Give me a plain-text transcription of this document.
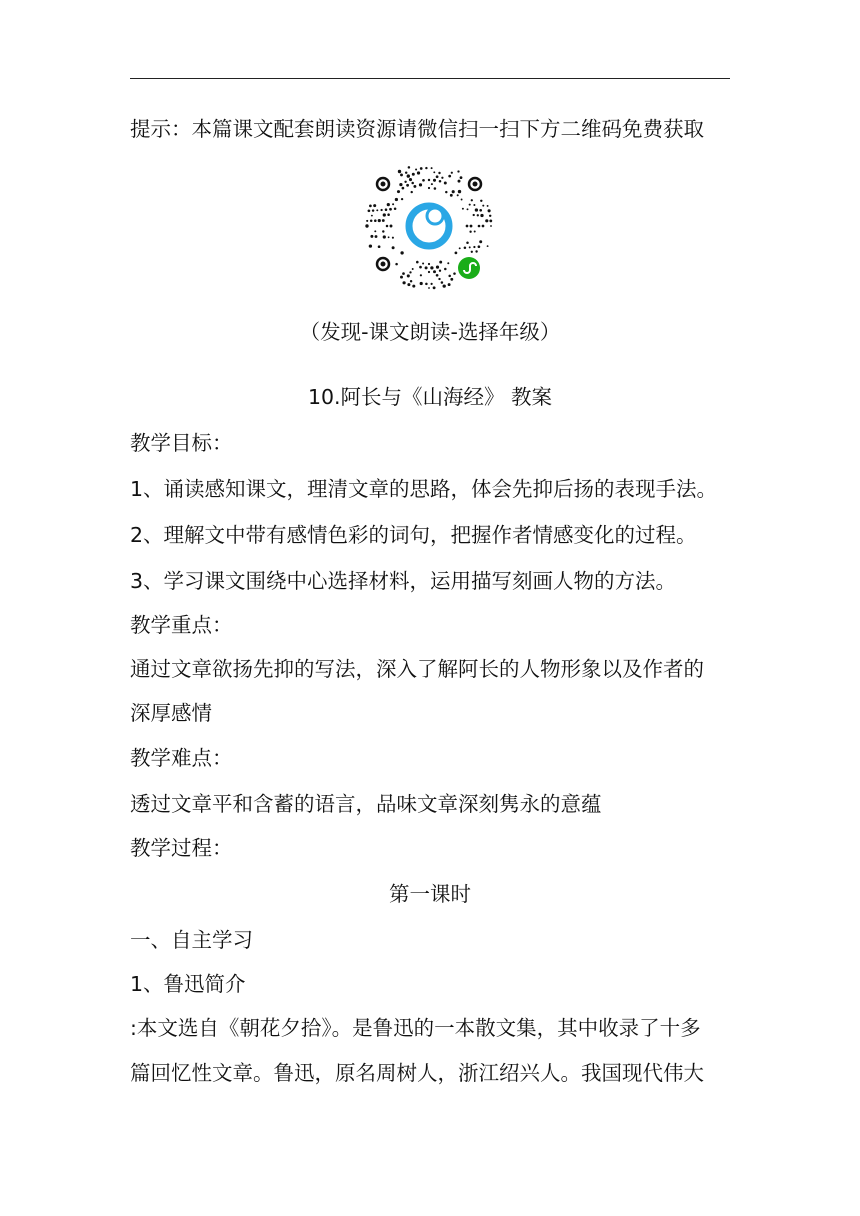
提示：本篇课文配套朗读资源请微信扫一扫下方二维码免费获取
（发现-课文朗读-选择年级）
10.阿长与《山海经》 教案
教学目标：
1、诵读感知课文，理清文章的思路，体会先抑后扬的表现手法。
2、理解文中带有感情色彩的词句，把握作者情感变化的过程。
3、学习课文围绕中心选择材料，运用描写刻画人物的方法。
教学重点：
通过文章欲扬先抑的写法，深入了解阿长的人物形象以及作者的
深厚感情
教学难点：
透过文章平和含蓄的语言，品味文章深刻隽永的意蕴
教学过程：
第一课时
一、自主学习
1、鲁迅简介
:本文选自《朝花夕拾》。是鲁迅的一本散文集，其中收录了十多
篇回忆性文章。鲁迅，原名周树人，浙江绍兴人。我国现代伟大
